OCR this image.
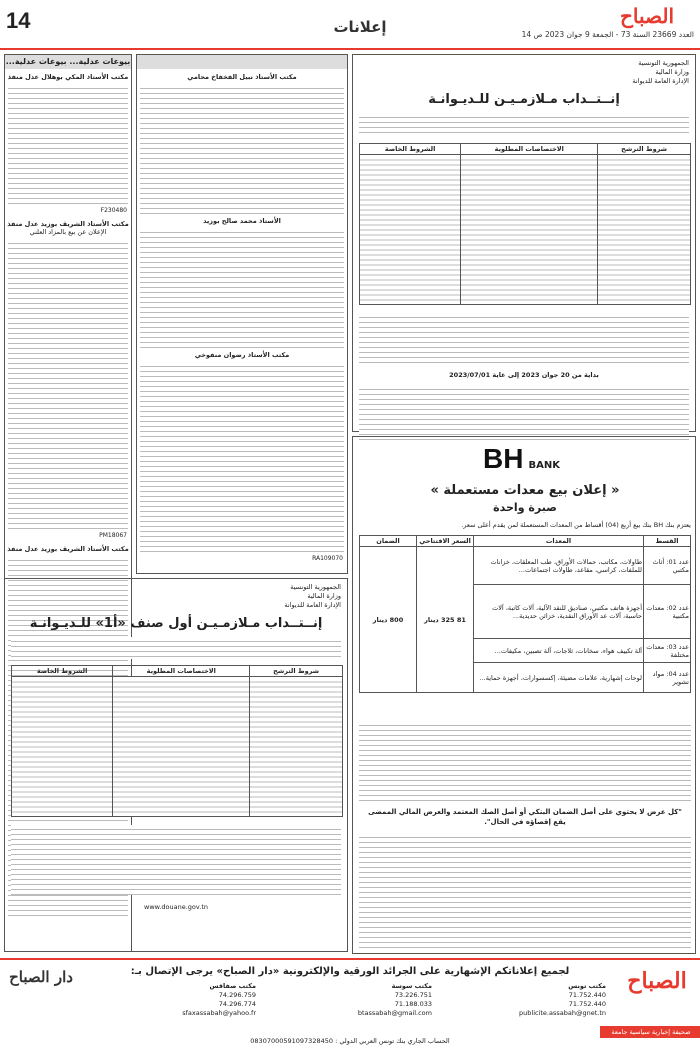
14	إعلانات	الصباح
العدد 23669 السنة 73 - الجمعة 9 جوان 2023 ص 14
بيوعات عدلية... بيوعات عدلية...
مكتب الأستاذ المكي بوهلال عدل منفذ
F230480
مكتب الأستاذ الشريف بوزيد عدل منفذ
الإعلان عن بيع بالمزاد العلني
PM18067
مكتب الأستاذ الشريف بوزيد عدل منفذ
مكتب الأستاذ نبيل الفخفاخ محامي
الأستاذ محمد صالح بوزيد
مكتب الأستاذ رضوان منفوخي
RA109070
الجمهورية التونسية
وزارة المالية
الإدارة العامة للديوانة
إنــتــداب مـلازمـيـن للـديـوانـة
شروط الترشح	الاختصاصات المطلوبة	الشروط الخاصة

بداية من 20 جوان 2023 إلى غاية 2023/07/01
BH BANK
« إعلان بيع معدات مستعملة »
صبرة واحدة
يعتزم بنك BH بنك بيع أربع (04) أقساط من المعدات المستعملة لمن يقدم أعلى سعر.
القسط	المعدات	السعر الافتتاحي	الضمان
عدد 01: أثاث مكتبي	طاولات، مكاتب، حمالات الأوراق، طب المعلقات، خزانات للملفات، كراسي، مقاعد، طاولات اجتماعات...	81 325 دينار	800 دينار
عدد 02: معدات مكتبية	أجهزة هاتف مكتبي، صناديق للنقد الآلية، آلات كاتبة، آلات حاسبة، آلات عد الأوراق النقدية، خزائن حديدية...		
عدد 03: معدات مختلفة	آلة تكييف هواء، سخانات، ثلاجات، آلة تصبين، مكيفات...		
عدد 04: مواد تشوير	لوحات إشهارية، علامات مضيئة، إكسسوارات، أجهزة حماية...		
"كل عرض لا يحتوي على أصل الضمان البنكي أو أصل الصك المعتمد والعرض المالي الممضى يقع إقصاؤه في الحال".
الجمهورية التونسية
وزارة المالية
الإدارة العامة للديوانة
إنــتــداب مـلازمـيـن أول صنف «أ1» للـديـوانـة
شروط الترشح	الاختصاصات المطلوبة	الشروط الخاصة

www.douane.gov.tn
الصباح
دار الصباح	لجميع إعلاناتكم الإشهارية على الجرائد الورقية والإلكترونية «دار الصباح» يرجى الإتصال بـ:
مكتب تونس
71.752.440
71.752.440
publicite.assabah@gnet.tn
مكتب سوسة
73.226.751
71.188.033
btassabah@gmail.com
مكتب صفاقس
74.296.759
74.296.774
sfaxassabah@yahoo.fr
صحيفة إخبارية سياسية جامعة
الحساب الجاري بنك تونس العربي الدولي : 08307000591097328450
